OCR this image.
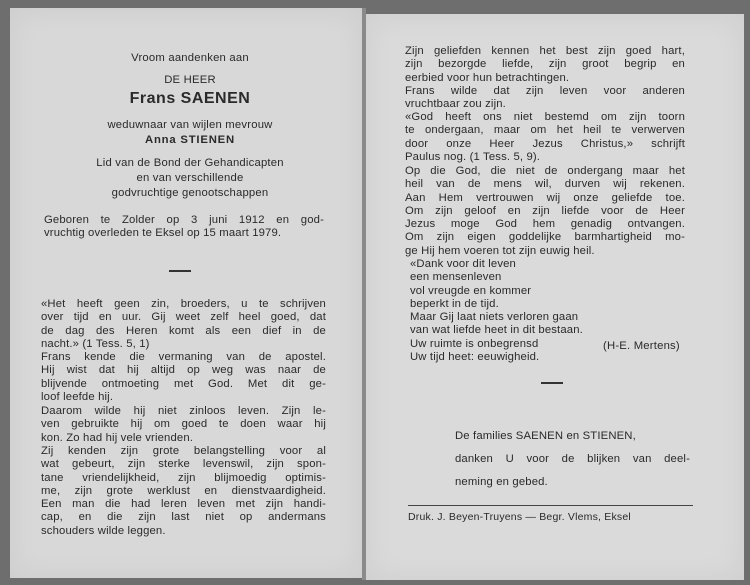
Vroom aandenken aan
DE HEER
Frans SAENEN
weduwnaar van wijlen mevrouw
Anna STIENEN
Lid van de Bond der Gehandicapten
en van verschillende
godvruchtige genootschappen
Geboren te Zolder op 3 juni 1912 en god-
vruchtig overleden te Eksel op 15 maart 1979.
«Het heeft geen zin, broeders, u te schrijven
over tijd en uur. Gij weet zelf heel goed, dat
de dag des Heren komt als een dief in de
nacht.» (1 Tess. 5, 1)
Frans kende die vermaning van de apostel.
Hij wist dat hij altijd op weg was naar de
blijvende ontmoeting met God. Met dit ge-
loof leefde hij.
Daarom wilde hij niet zinloos leven. Zijn le-
ven gebruikte hij om goed te doen waar hij
kon. Zo had hij vele vrienden.
Zij kenden zijn grote belangstelling voor al
wat gebeurt, zijn sterke levenswil, zijn spon-
tane vriendelijkheid, zijn blijmoedig optimis-
me, zijn grote werklust en dienstvaardigheid.
Een man die had leren leven met zijn handi-
cap, en die zijn last niet op andermans
schouders wilde leggen.
Zijn geliefden kennen het best zijn goed hart,
zijn bezorgde liefde, zijn groot begrip en
eerbied voor hun betrachtingen.
Frans wilde dat zijn leven voor anderen
vruchtbaar zou zijn.
«God heeft ons niet bestemd om zijn toorn
te ondergaan, maar om het heil te verwerven
door onze Heer Jezus Christus,» schrijft
Paulus nog. (1 Tess. 5, 9).
Op die God, die niet de ondergang maar het
heil van de mens wil, durven wij rekenen.
Aan Hem vertrouwen wij onze geliefde toe.
Om zijn geloof en zijn liefde voor de Heer
Jezus moge God hem genadig ontvangen.
Om zijn eigen goddelijke barmhartigheid mo-
ge Hij hem voeren tot zijn euwig heil.
«Dank voor dit leven
een mensenleven
vol vreugde en kommer
beperkt in de tijd.
Maar Gij laat niets verloren gaan
van wat liefde heet in dit bestaan.
Uw ruimte is onbegrensd
Uw tijd heet: eeuwigheid.
(H-E. Mertens)
De families SAENEN en STIENEN,
danken U voor de blijken van deel-
neming en gebed.
Druk. J. Beyen-Truyens — Begr. Vlems, Eksel
